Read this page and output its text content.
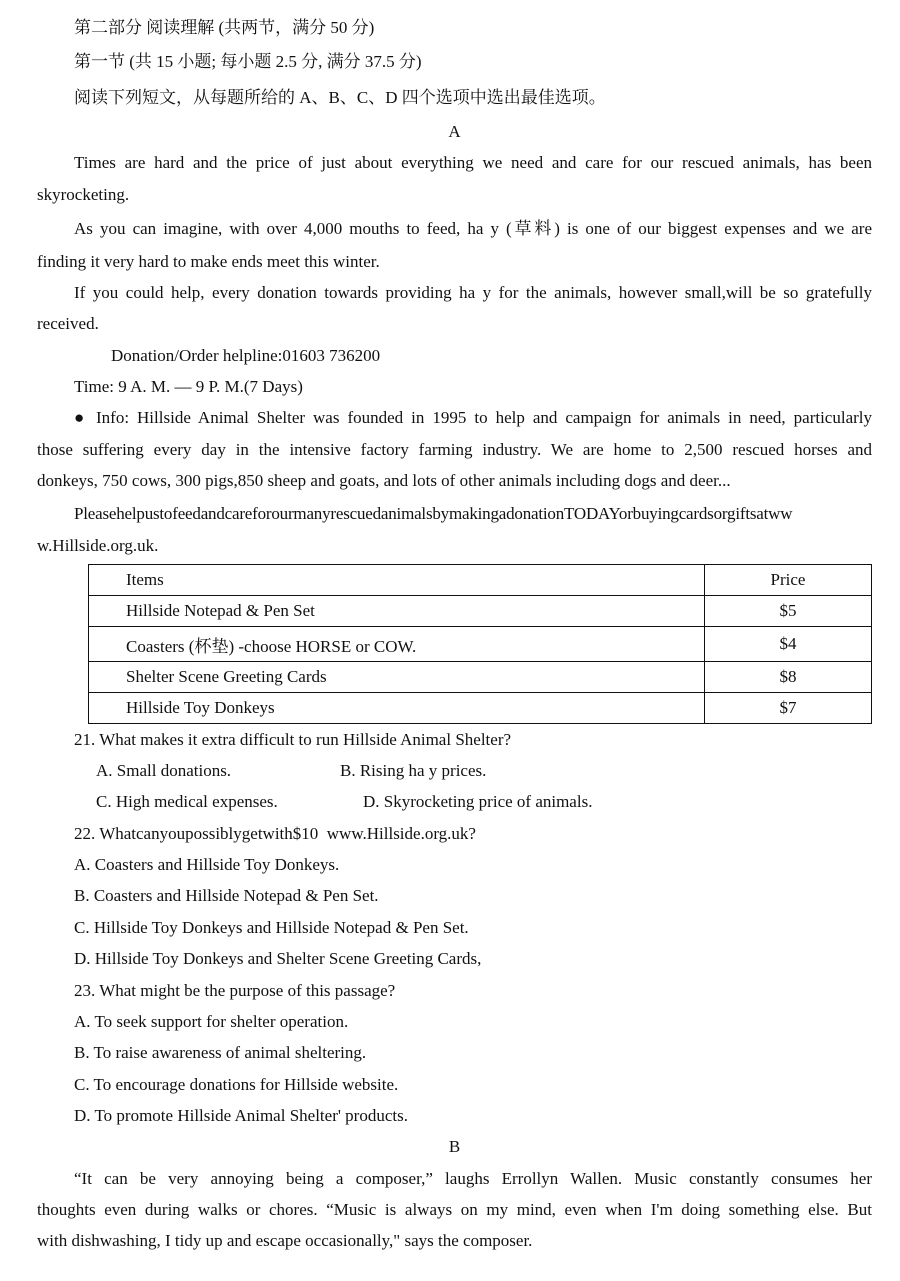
第二部分 阅读理解 (共两节，满分 50 分)
第一节 (共 15 小题; 每小题 2.5 分, 满分 37.5 分)
阅读下列短文，从每题所给的 A、B、C、D 四个选项中选出最佳选项。
A
Times are hard and the price of just about everything we need and care for our rescued animals, has been
skyrocketing.
As you can imagine, with over 4,000 mouths to feed, ha y (草料) is one of our biggest expenses and we are
finding it very hard to make ends meet this winter.
If you could help, every donation towards providing ha y for the animals, however small,will be so gratefully
received.
Donation/Order helpline:01603 736200
Time: 9 A. M. — 9 P. M.(7 Days)
● Info: Hillside Animal Shelter was founded in 1995 to help and campaign for animals in need, particularly
those suffering every day in the intensive factory farming industry. We are home to 2,500 rescued horses and
donkeys, 750 cows, 300 pigs,850 sheep and goats, and lots of other animals including dogs and deer...
PleasehelpustofeedandcareforourmanyrescuedanimalsbymakingadonationTODAYorbuyingcardsorgiftsatww
w.Hillside.org.uk.
Items	Price
Hillside Notepad & Pen Set	$5
Coasters (杯垫) -choose HORSE or COW.	$4
Shelter Scene Greeting Cards	$8
Hillside Toy Donkeys	$7
21. What makes it extra difficult to run Hillside Animal Shelter?
A. Small donations.	B. Rising ha y prices.
C. High medical expenses.	D. Skyrocketing price of animals.
22. Whatcanyoupossiblygetwith$10  www.Hillside.org.uk?
A. Coasters and Hillside Toy Donkeys.
B. Coasters and Hillside Notepad & Pen Set.
C. Hillside Toy Donkeys and Hillside Notepad & Pen Set.
D. Hillside Toy Donkeys and Shelter Scene Greeting Cards,
23. What might be the purpose of this passage?
A. To seek support for shelter operation.
B. To raise awareness of animal sheltering.
C. To encourage donations for Hillside website.
D. To promote Hillside Animal Shelter' products.
B
“It can be very annoying being a composer,” laughs Errollyn Wallen. Music constantly consumes her
thoughts even during walks or chores. “Music is always on my mind, even when I'm doing something else. But
with dishwashing, I tidy up and escape occasionally," says the composer.
